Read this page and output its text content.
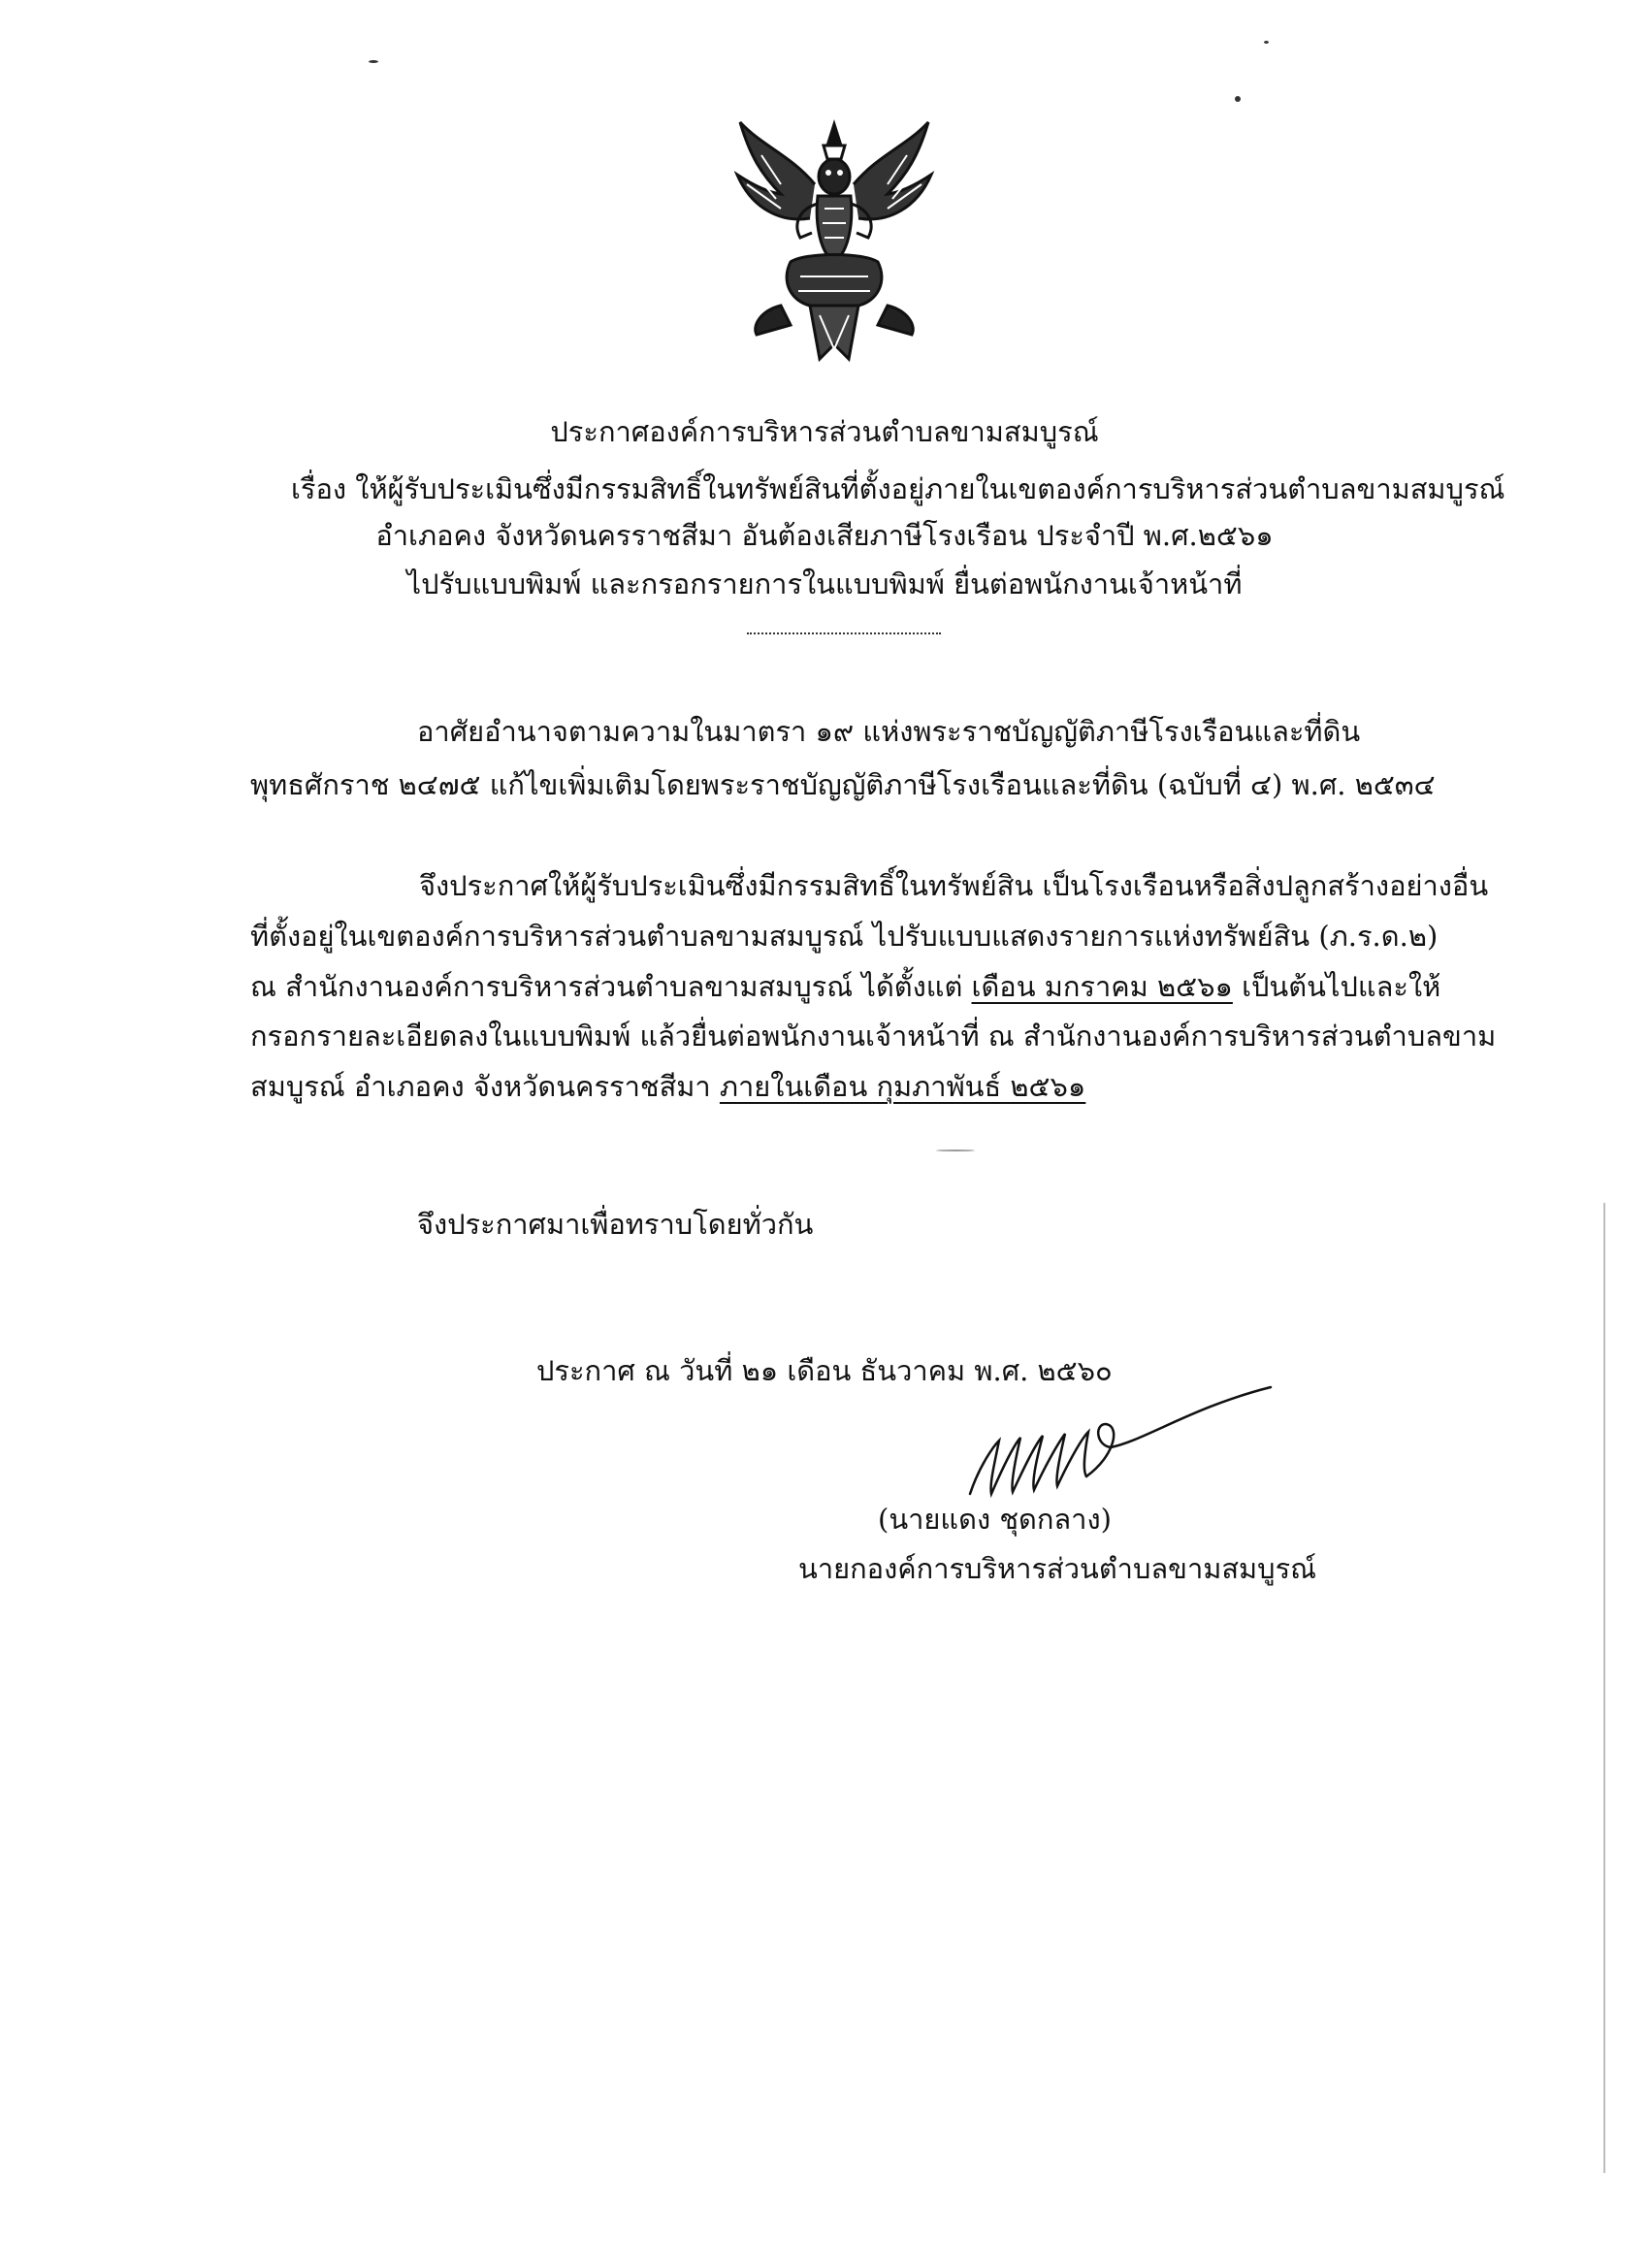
ประกาศองค์การบริหารส่วนตำบลขามสมบูรณ์
เรื่อง ให้ผู้รับประเมินซึ่งมีกรรมสิทธิ์ในทรัพย์สินที่ตั้งอยู่ภายในเขตองค์การบริหารส่วนตำบลขามสมบูรณ์
อำเภอคง จังหวัดนครราชสีมา อันต้องเสียภาษีโรงเรือน ประจำปี พ.ศ.๒๕๖๑
ไปรับแบบพิมพ์ และกรอกรายการในแบบพิมพ์ ยื่นต่อพนักงานเจ้าหน้าที่
อาศัยอำนาจตามความในมาตรา ๑๙ แห่งพระราชบัญญัติภาษีโรงเรือนและที่ดิน
พุทธศักราช ๒๔๗๕ แก้ไขเพิ่มเติมโดยพระราชบัญญัติภาษีโรงเรือนและที่ดิน (ฉบับที่ ๔) พ.ศ. ๒๕๓๔
จึงประกาศให้ผู้รับประเมินซึ่งมีกรรมสิทธิ์ในทรัพย์สิน เป็นโรงเรือนหรือสิ่งปลูกสร้างอย่างอื่น
ที่ตั้งอยู่ในเขตองค์การบริหารส่วนตำบลขามสมบูรณ์ ไปรับแบบแสดงรายการแห่งทรัพย์สิน (ภ.ร.ด.๒)
ณ สำนักงานองค์การบริหารส่วนตำบลขามสมบูรณ์ ได้ตั้งแต่ เดือน มกราคม ๒๕๖๑ เป็นต้นไปและให้
กรอกรายละเอียดลงในแบบพิมพ์ แล้วยื่นต่อพนักงานเจ้าหน้าที่ ณ สำนักงานองค์การบริหารส่วนตำบลขาม
สมบูรณ์ อำเภอคง จังหวัดนครราชสีมา ภายในเดือน กุมภาพันธ์ ๒๕๖๑
จึงประกาศมาเพื่อทราบโดยทั่วกัน
ประกาศ ณ วันที่ ๒๑ เดือน ธันวาคม พ.ศ. ๒๕๖๐
(นายแดง ชุดกลาง)
นายกองค์การบริหารส่วนตำบลขามสมบูรณ์
